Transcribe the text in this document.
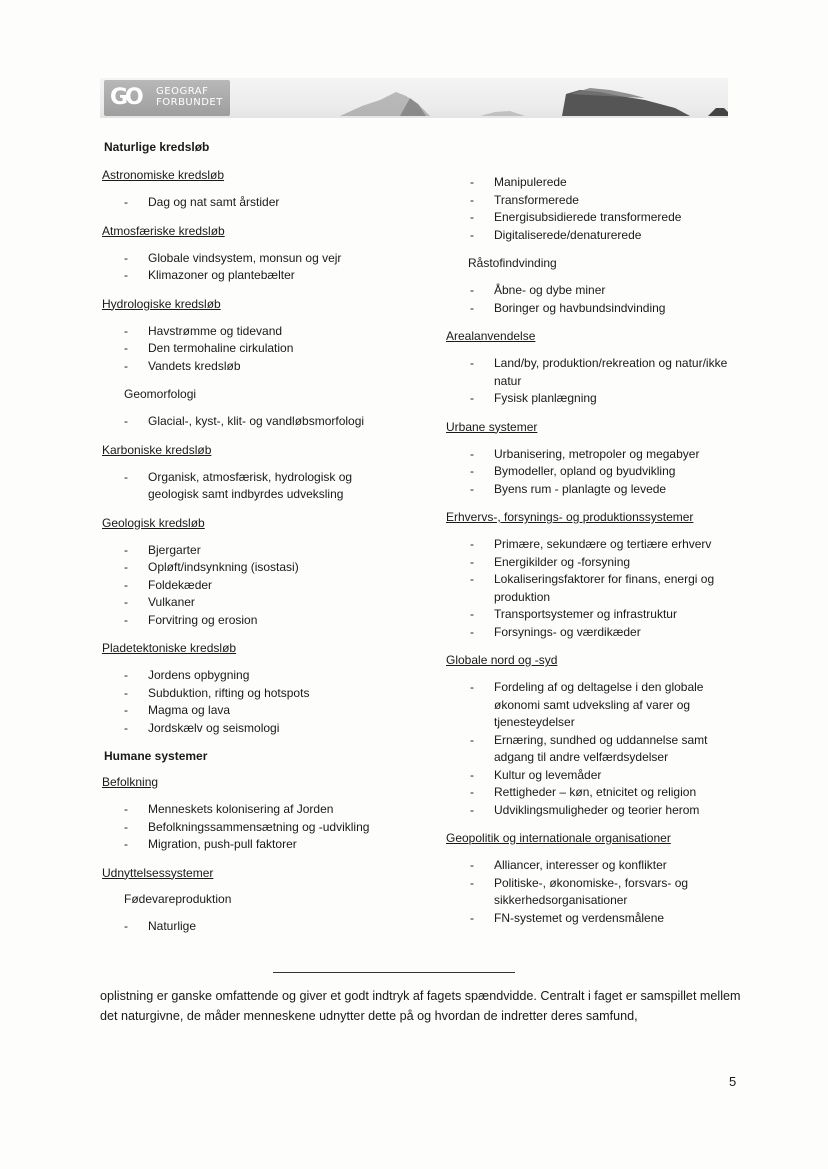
GO	GEOGRAF
FORBUNDET
Naturlige kredsløb
Astronomiske kredsløb
- Dag og nat samt årstider
Atmosfæriske kredsløb
- Globale vindsystem, monsun og vejr
- Klimazoner og plantebælter
Hydrologiske kredsløb
- Havstrømme og tidevand
- Den termohaline cirkulation
- Vandets kredsløb
Geomorfologi
- Glacial-, kyst-, klit- og vandløbsmorfologi
Karboniske kredsløb
- Organisk, atmosfærisk, hydrologisk og geologisk samt indbyrdes udveksling
Geologisk kredsløb
- Bjergarter
- Opløft/indsynkning (isostasi)
- Foldekæder
- Vulkaner
- Forvitring og erosion
Pladetektoniske kredsløb
- Jordens opbygning
- Subduktion, rifting og hotspots
- Magma og lava
- Jordskælv og seismologi
Humane systemer
Befolkning
- Menneskets kolonisering af Jorden
- Befolkningssammensætning og -udvikling
- Migration, push-pull faktorer
Udnyttelsessystemer
Fødevareproduktion
- Naturlige
- Manipulerede
- Transformerede
- Energisubsidierede transformerede
- Digitaliserede/denaturerede
Råstofindvinding
- Åbne- og dybe miner
- Boringer og havbundsindvinding
Arealanvendelse
- Land/by, produktion/rekreation og natur/ikke natur
- Fysisk planlægning
Urbane systemer
- Urbanisering, metropoler og megabyer
- Bymodeller, opland og byudvikling
- Byens rum - planlagte og levede
Erhvervs-, forsynings- og produktionssystemer
- Primære, sekundære og tertiære erhverv
- Energikilder og -forsyning
- Lokaliseringsfaktorer for finans, energi og produktion
- Transportsystemer og infrastruktur
- Forsynings- og værdikæder
Globale nord og -syd
- Fordeling af og deltagelse i den globale økonomi samt udveksling af varer og tjenesteydelser
- Ernæring, sundhed og uddannelse samt adgang til andre velfærdsydelser
- Kultur og levemåder
- Rettigheder – køn, etnicitet og religion
- Udviklingsmuligheder og teorier herom
Geopolitik og internationale organisationer
- Alliancer, interesser og konflikter
- Politiske-, økonomiske-, forsvars- og sikkerhedsorganisationer
- FN-systemet og verdensmålene
oplistning er ganske omfattende og giver et godt indtryk af fagets spændvidde. Centralt i faget er samspillet mellem det naturgivne, de måder menneskene udnytter dette på og hvordan de indretter deres samfund,
5
